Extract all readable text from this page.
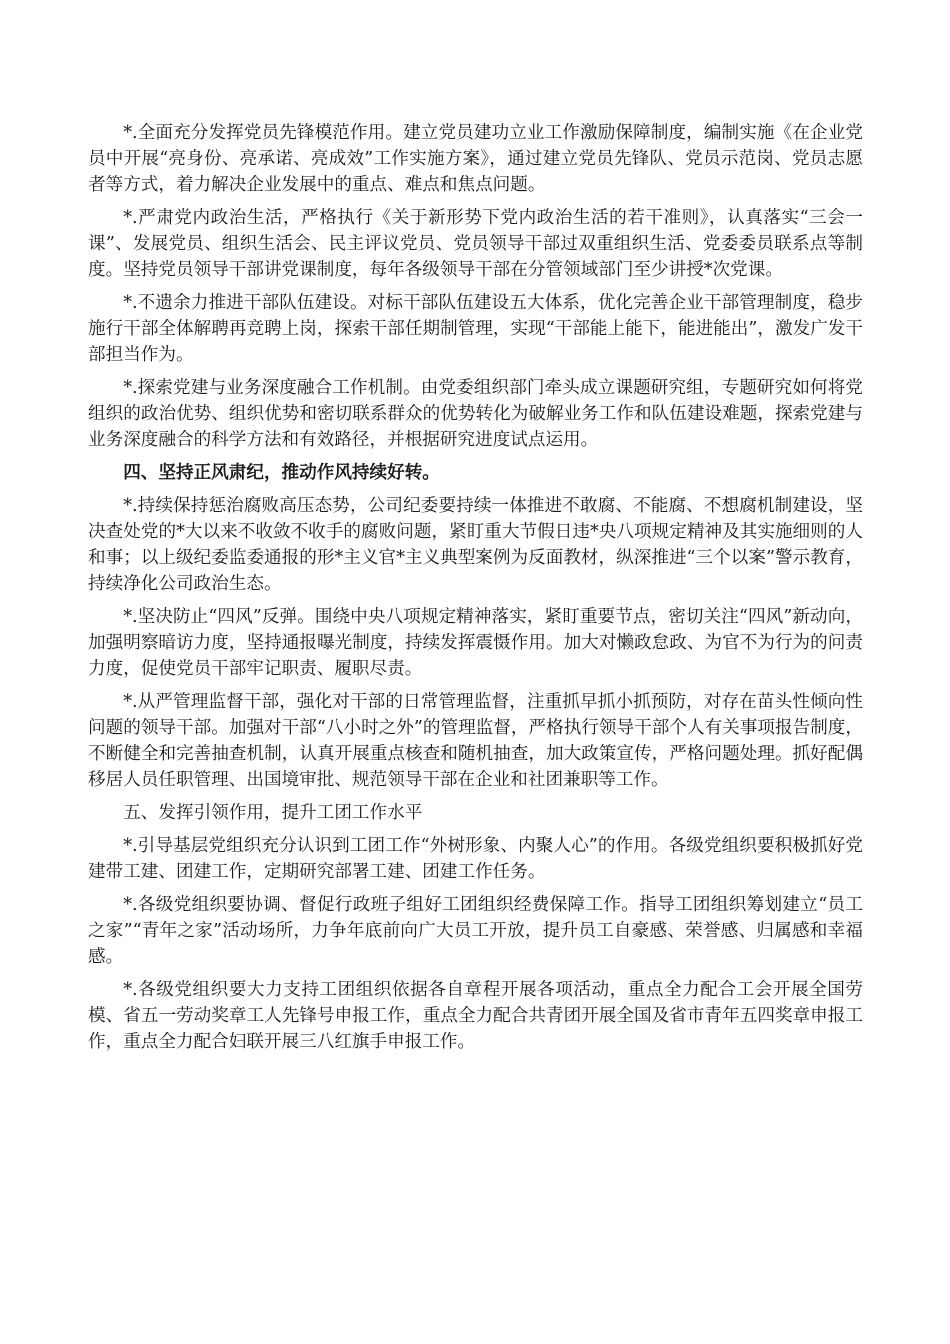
*.全面充分发挥党员先锋模范作用。建立党员建功立业工作激励保障制度，编制实施《在企业党员中开展“亮身份、亮承诺、亮成效”工作实施方案》，通过建立党员先锋队、党员示范岗、党员志愿者等方式，着力解决企业发展中的重点、难点和焦点问题。

*.严肃党内政治生活，严格执行《关于新形势下党内政治生活的若干准则》，认真落实“三会一课”、发展党员、组织生活会、民主评议党员、党员领导干部过双重组织生活、党委委员联系点等制度。坚持党员领导干部讲党课制度，每年各级领导干部在分管领域部门至少讲授*次党课。

*.不遗余力推进干部队伍建设。对标干部队伍建设五大体系，优化完善企业干部管理制度，稳步施行干部全体解聘再竞聘上岗，探索干部任期制管理，实现“干部能上能下，能进能出”，激发广发干部担当作为。

*.探索党建与业务深度融合工作机制。由党委组织部门牵头成立课题研究组，专题研究如何将党组织的政治优势、组织优势和密切联系群众的优势转化为破解业务工作和队伍建设难题，探索党建与业务深度融合的科学方法和有效路径，并根据研究进度试点运用。

四、坚持正风肃纪，推动作风持续好转。

*.持续保持惩治腐败高压态势，公司纪委要持续一体推进不敢腐、不能腐、不想腐机制建设，坚决查处党的*大以来不收敛不收手的腐败问题，紧盯重大节假日违*央八项规定精神及其实施细则的人和事；以上级纪委监委通报的形*主义官*主义典型案例为反面教材，纵深推进“三个以案”警示教育，持续净化公司政治生态。

*.坚决防止“四风”反弹。围绕中央八项规定精神落实，紧盯重要节点，密切关注“四风”新动向，加强明察暗访力度，坚持通报曝光制度，持续发挥震慑作用。加大对懒政怠政、为官不为行为的问责力度，促使党员干部牢记职责、履职尽责。

*.从严管理监督干部，强化对干部的日常管理监督，注重抓早抓小抓预防，对存在苗头性倾向性问题的领导干部。加强对干部“八小时之外”的管理监督，严格执行领导干部个人有关事项报告制度，不断健全和完善抽查机制，认真开展重点核查和随机抽查，加大政策宣传，严格问题处理。抓好配偶移居人员任职管理、出国境审批、规范领导干部在企业和社团兼职等工作。

五、发挥引领作用，提升工团工作水平

*.引导基层党组织充分认识到工团工作“外树形象、内聚人心”的作用。各级党组织要积极抓好党建带工建、团建工作，定期研究部署工建、团建工作任务。

*.各级党组织要协调、督促行政班子组好工团组织经费保障工作。指导工团组织筹划建立“员工之家”“青年之家”活动场所，力争年底前向广大员工开放，提升员工自豪感、荣誉感、归属感和幸福感。

*.各级党组织要大力支持工团组织依据各自章程开展各项活动，重点全力配合工会开展全国劳模、省五一劳动奖章工人先锋号申报工作，重点全力配合共青团开展全国及省市青年五四奖章申报工作，重点全力配合妇联开展三八红旗手申报工作。
